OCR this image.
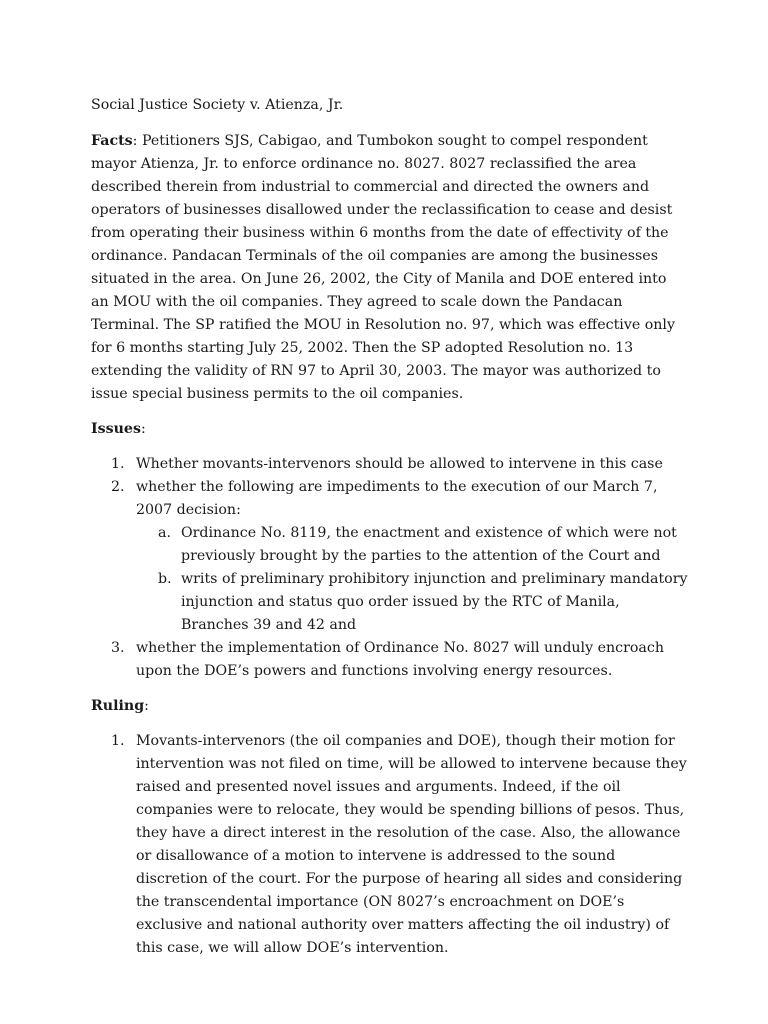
Social Justice Society v. Atienza, Jr.

Facts: Petitioners SJS, Cabigao, and Tumbokon sought to compel respondent mayor Atienza, Jr. to enforce ordinance no. 8027. 8027 reclassified the area described therein from industrial to commercial and directed the owners and operators of businesses disallowed under the reclassification to cease and desist from operating their business within 6 months from the date of effectivity of the ordinance. Pandacan Terminals of the oil companies are among the businesses situated in the area. On June 26, 2002, the City of Manila and DOE entered into an MOU with the oil companies. They agreed to scale down the Pandacan Terminal. The SP ratified the MOU in Resolution no. 97, which was effective only for 6 months starting July 25, 2002. Then the SP adopted Resolution no. 13 extending the validity of RN 97 to April 30, 2003. The mayor was authorized to issue special business permits to the oil companies.

Issues:

1. Whether movants-intervenors should be allowed to intervene in this case
2. whether the following are impediments to the execution of our March 7, 2007 decision:
a. Ordinance No. 8119, the enactment and existence of which were not previously brought by the parties to the attention of the Court and
b. writs of preliminary prohibitory injunction and preliminary mandatory injunction and status quo order issued by the RTC of Manila, Branches 39 and 42 and
3. whether the implementation of Ordinance No. 8027 will unduly encroach upon the DOE’s powers and functions involving energy resources.

Ruling:

1. Movants-intervenors (the oil companies and DOE), though their motion for intervention was not filed on time, will be allowed to intervene because they raised and presented novel issues and arguments. Indeed, if the oil companies were to relocate, they would be spending billions of pesos. Thus, they have a direct interest in the resolution of the case. Also, the allowance or disallowance of a motion to intervene is addressed to the sound discretion of the court. For the purpose of hearing all sides and considering the transcendental importance (ON 8027’s encroachment on DOE’s exclusive and national authority over matters affecting the oil industry) of this case, we will allow DOE’s intervention.
